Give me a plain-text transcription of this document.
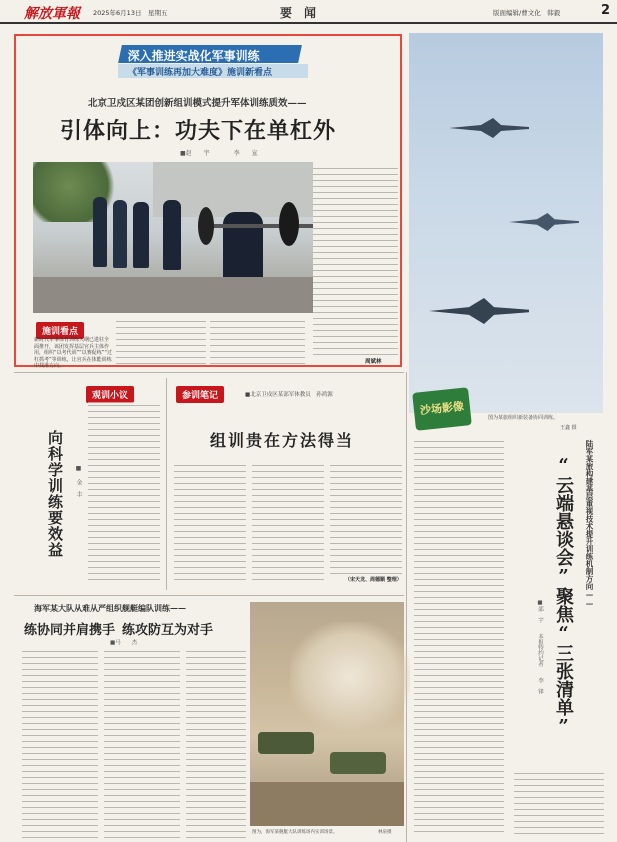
解放軍報 2025年6月13日　星期五	要　闻	版面编辑/曹文化　韩毅	2
深入推进实战化军事训练
《军事训练再加大难度》施训新看点
北京卫戍区某团创新组训模式提升军体训练质效——
引体向上：功夫下在单杠外
■赵　　宇　　　　李　　宣
施训看点
新时代军事体育训练大纲已进驻全面推开，该团发挥基层官兵主体作用，组织“以考代训”“以赛促练”“过杠抓考”等训练，让官兵在体能训练中找准方向。
周斌林
图为某旅组织新装备协同训练。
王鑫 摄
沙场影像
观训小议
向科学训练要效益	■ 金　丰
参训笔记	■北京卫戍区某部军体教员　孙鸿源
组训贵在方法得当
（宋天龙、周德顺 整理）	陆军某旅构建基层重视技术提升训练机制方向——
“云端悬谈会”聚焦“三张清单”
■邵　宇　　本报特约记者　　李　锋
海军某大队从难从严组织舰艇编队训练——
练协同并肩携手 练攻防互为对手
■马　　杰
图为，海军某舰艇大队训练场内实训场景。	林泉摄
